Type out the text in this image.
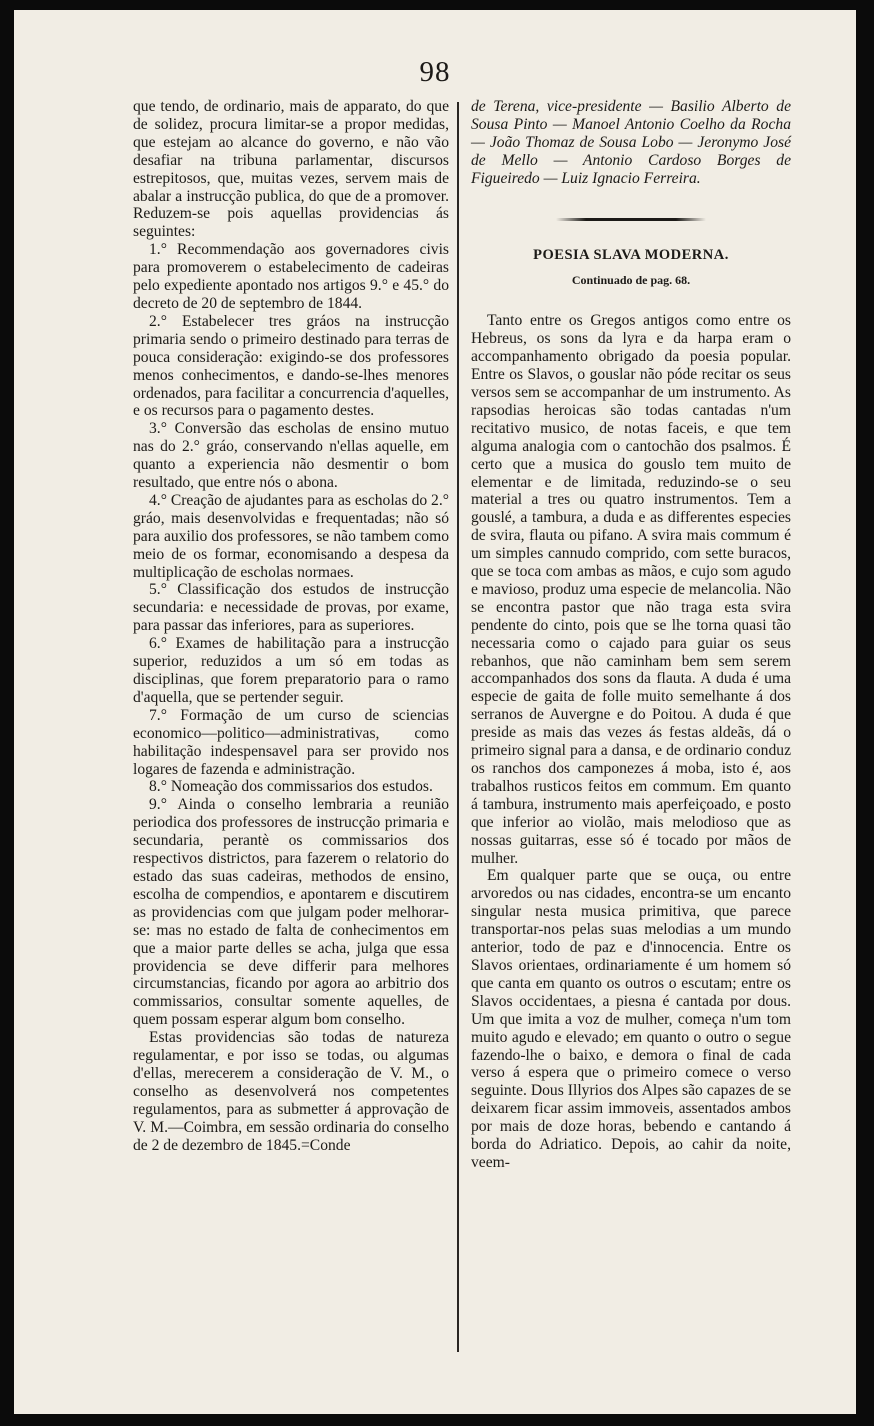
98

que tendo, de ordinario, mais de apparato, do que de solidez, procura limitar-se a propor medidas, que estejam ao alcance do governo, e não vão desafiar na tribuna parlamentar, discursos estrepitosos, que, muitas vezes, servem mais de abalar a instrucção publica, do que de a promover. Reduzem-se pois aquellas providencias ás seguintes:

1.° Recommendação aos governadores civis para promoverem o estabelecimento de cadeiras pelo expediente apontado nos artigos 9.° e 45.° do decreto de 20 de septembro de 1844.

2.° Estabelecer tres gráos na instrucção primaria sendo o primeiro destinado para terras de pouca consideração: exigindo-se dos professores menos conhecimentos, e dando-se-lhes menores ordenados, para facilitar a concurrencia d'aquelles, e os recursos para o pagamento destes.

3.° Conversão das escholas de ensino mutuo nas do 2.° gráo, conservando n'ellas aquelle, em quanto a experiencia não desmentir o bom resultado, que entre nós o abona.

4.° Creação de ajudantes para as escholas do 2.° gráo, mais desenvolvidas e frequentadas; não só para auxilio dos professores, se não tambem como meio de os formar, economisando a despesa da multiplicação de escholas normaes.

5.° Classificação dos estudos de instrucção secundaria: e necessidade de provas, por exame, para passar das inferiores, para as superiores.

6.° Exames de habilitação para a instrucção superior, reduzidos a um só em todas as disciplinas, que forem preparatorio para o ramo d'aquella, que se pertender seguir.

7.° Formação de um curso de sciencias economico—politico—administrativas, como habilitação indespensavel para ser provido nos logares de fazenda e administração.

8.° Nomeação dos commissarios dos estudos.

9.° Ainda o conselho lembraria a reunião periodica dos professores de instrucção primaria e secundaria, perantè os commissarios dos respectivos districtos, para fazerem o relatorio do estado das suas cadeiras, methodos de ensino, escolha de compendios, e apontarem e discutirem as providencias com que julgam poder melhorar-se: mas no estado de falta de conhecimentos em que a maior parte delles se acha, julga que essa providencia se deve differir para melhores circumstancias, ficando por agora ao arbitrio dos commissarios, consultar somente aquelles, de quem possam esperar algum bom conselho.

Estas providencias são todas de natureza regulamentar, e por isso se todas, ou algumas d'ellas, merecerem a consideração de V. M., o conselho as desenvolverá nos competentes regulamentos, para as submetter á approvação de V. M.—Coimbra, em sessão ordinaria do conselho de 2 de dezembro de 1845.=Conde

de Terena, vice-presidente — Basilio Alberto de Sousa Pinto — Manoel Antonio Coelho da Rocha — João Thomaz de Sousa Lobo — Jeronymo José de Mello — Antonio Cardoso Borges de Figueiredo — Luiz Ignacio Ferreira.

POESIA SLAVA MODERNA.
Continuado de pag. 68.

Tanto entre os Gregos antigos como entre os Hebreus, os sons da lyra e da harpa eram o accompanhamento obrigado da poesia popular. Entre os Slavos, o gouslar não póde recitar os seus versos sem se accompanhar de um instrumento. As rapsodias heroicas são todas cantadas n'um recitativo musico, de notas faceis, e que tem alguma analogia com o cantochão dos psalmos. É certo que a musica do gouslo tem muito de elementar e de limitada, reduzindo-se o seu material a tres ou quatro instrumentos. Tem a gouslé, a tambura, a duda e as differentes especies de svira, flauta ou pifano. A svira mais commum é um simples cannudo comprido, com sette buracos, que se toca com ambas as mãos, e cujo som agudo e mavioso, produz uma especie de melancolia. Não se encontra pastor que não traga esta svira pendente do cinto, pois que se lhe torna quasi tão necessaria como o cajado para guiar os seus rebanhos, que não caminham bem sem serem accompanhados dos sons da flauta. A duda é uma especie de gaita de folle muito semelhante á dos serranos de Auvergne e do Poitou. A duda é que preside as mais das vezes ás festas aldeãs, dá o primeiro signal para a dansa, e de ordinario conduz os ranchos dos camponezes á moba, isto é, aos trabalhos rusticos feitos em commum. Em quanto á tambura, instrumento mais aperfeiçoado, e posto que inferior ao violão, mais melodioso que as nossas guitarras, esse só é tocado por mãos de mulher.

Em qualquer parte que se ouça, ou entre arvoredos ou nas cidades, encontra-se um encanto singular nesta musica primitiva, que parece transportar-nos pelas suas melodias a um mundo anterior, todo de paz e d'innocencia. Entre os Slavos orientaes, ordinariamente é um homem só que canta em quanto os outros o escutam; entre os Slavos occidentaes, a piesna é cantada por dous. Um que imita a voz de mulher, começa n'um tom muito agudo e elevado; em quanto o outro o segue fazendo-lhe o baixo, e demora o final de cada verso á espera que o primeiro comece o verso seguinte. Dous Illyrios dos Alpes são capazes de se deixarem ficar assim immoveis, assentados ambos por mais de doze horas, bebendo e cantando á borda do Adriatico. Depois, ao cahir da noite, veem-
